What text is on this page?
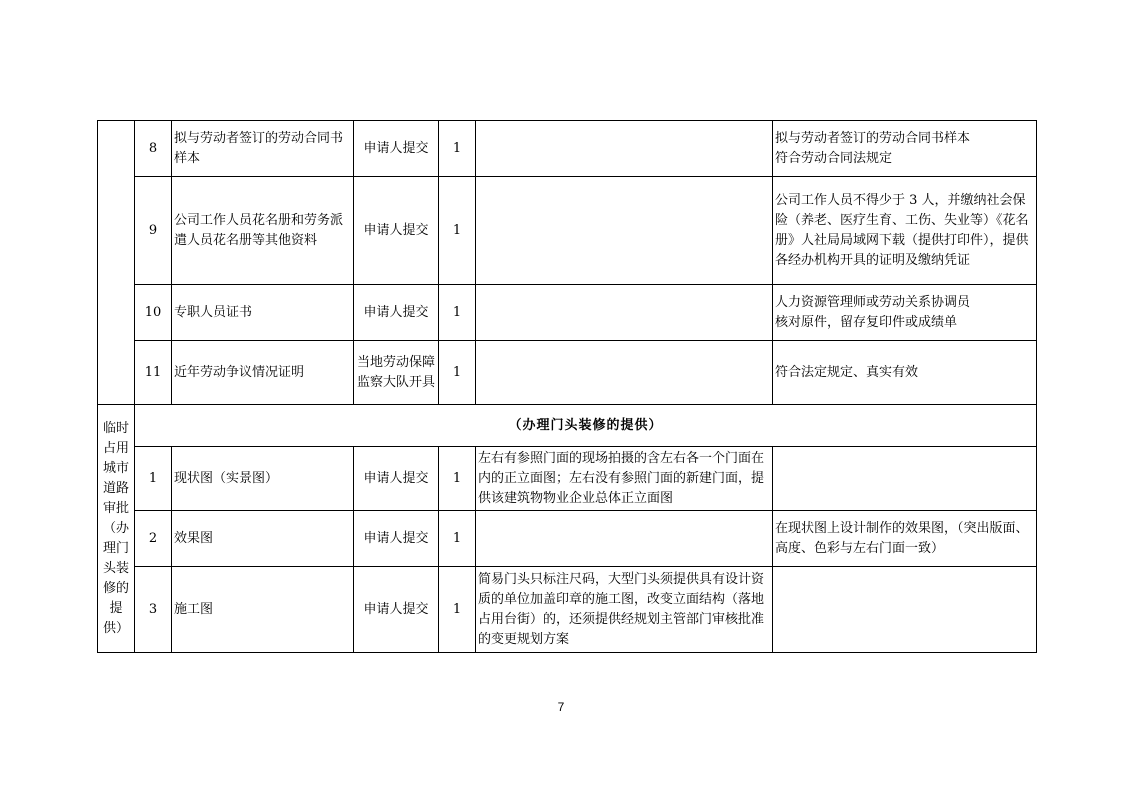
	8	拟与劳动者签订的劳动合同书样本	申请人提交	1		拟与劳动者签订的劳动合同书样本
符合劳动合同法规定

	9	公司工作人员花名册和劳务派遣人员花名册等其他资料	申请人提交	1		公司工作人员不得少于 3 人，并缴纳社会保险（养老、医疗生育、工伤、失业等）《花名册》人社局局域网下载（提供打印件），提供各经办机构开具的证明及缴纳凭证
	10	专职人员证书	申请人提交	1		人力资源管理师或劳动关系协调员
核对原件，留存复印件或成绩单

	11	近年劳动争议情况证明	当地劳动保障监察大队开具	1		符合法定规定、真实有效
临时占用城市道路审批（办理门头装修的提供）	（办理门头装修的提供）					
	1	现状图（实景图）	申请人提交	1	左右有参照门面的现场拍摄的含左右各一个门面在内的正立面图；左右没有参照门面的新建门面，提供该建筑物物业企业总体正立面图	
	2	效果图	申请人提交	1		在现状图上设计制作的效果图，（突出版面、高度、色彩与左右门面一致）
	3	施工图	申请人提交	1	简易门头只标注尺码，大型门头须提供具有设计资质的单位加盖印章的施工图，改变立面结构（落地占用台街）的，还须提供经规划主管部门审核批准的变更规划方案	
7
